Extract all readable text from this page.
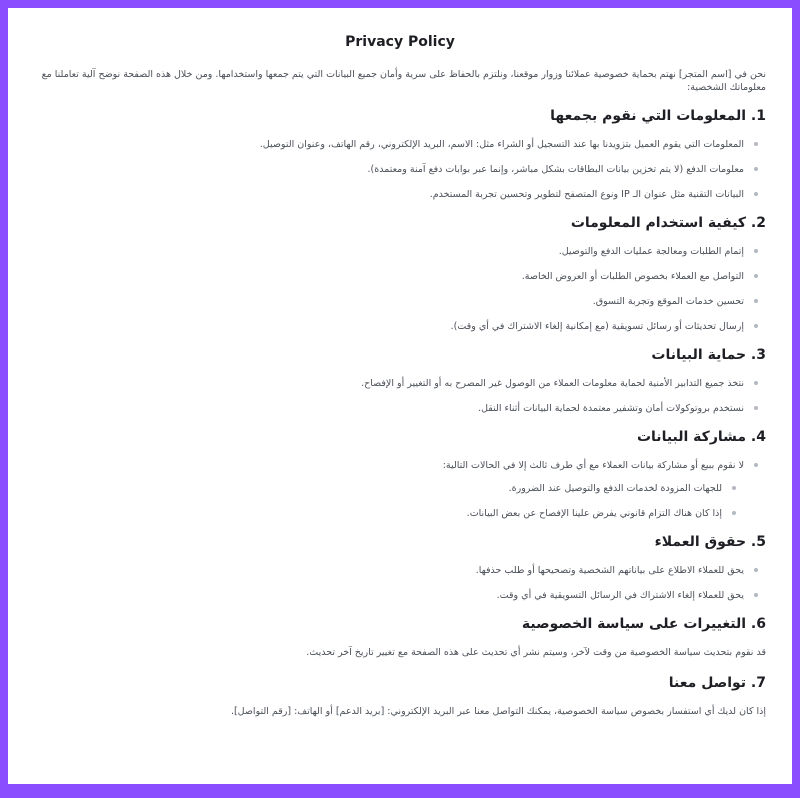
Privacy Policy

نحن في [اسم المتجر] نهتم بحماية خصوصية عملائنا وزوار موقعنا، ونلتزم بالحفاظ على سرية وأمان جميع البيانات التي يتم جمعها واستخدامها. ومن خلال هذه الصفحة نوضح آلية تعاملنا مع معلوماتك الشخصية:

1. المعلومات التي نقوم بجمعها
المعلومات التي يقوم العميل بتزويدنا بها عند التسجيل أو الشراء مثل: الاسم، البريد الإلكتروني، رقم الهاتف، وعنوان التوصيل.
معلومات الدفع (لا يتم تخزين بيانات البطاقات بشكل مباشر، وإنما عبر بوابات دفع آمنة ومعتمدة).
البيانات التقنية مثل عنوان الـ IP ونوع المتصفح لتطوير وتحسين تجربة المستخدم.
2. كيفية استخدام المعلومات
إتمام الطلبات ومعالجة عمليات الدفع والتوصيل.
التواصل مع العملاء بخصوص الطلبات أو العروض الخاصة.
تحسين خدمات الموقع وتجربة التسوق.
إرسال تحديثات أو رسائل تسويقية (مع إمكانية إلغاء الاشتراك في أي وقت).
3. حماية البيانات
نتخذ جميع التدابير الأمنية لحماية معلومات العملاء من الوصول غير المصرح به أو التغيير أو الإفصاح.
نستخدم بروتوكولات أمان وتشفير معتمدة لحماية البيانات أثناء النقل.
4. مشاركة البيانات
لا نقوم ببيع أو مشاركة بيانات العملاء مع أي طرف ثالث إلا في الحالات التالية:
للجهات المزودة لخدمات الدفع والتوصيل عند الضرورة.
إذا كان هناك التزام قانوني يفرض علينا الإفصاح عن بعض البيانات.
5. حقوق العملاء
يحق للعملاء الاطلاع على بياناتهم الشخصية وتصحيحها أو طلب حذفها.
يحق للعملاء إلغاء الاشتراك في الرسائل التسويقية في أي وقت.
6. التغييرات على سياسة الخصوصية

قد نقوم بتحديث سياسة الخصوصية من وقت لآخر، وسيتم نشر أي تحديث على هذه الصفحة مع تغيير تاريخ آخر تحديث.

7. تواصل معنا

إذا كان لديك أي استفسار بخصوص سياسة الخصوصية، يمكنك التواصل معنا عبر البريد الإلكتروني: [بريد الدعم] أو الهاتف: [رقم التواصل].
